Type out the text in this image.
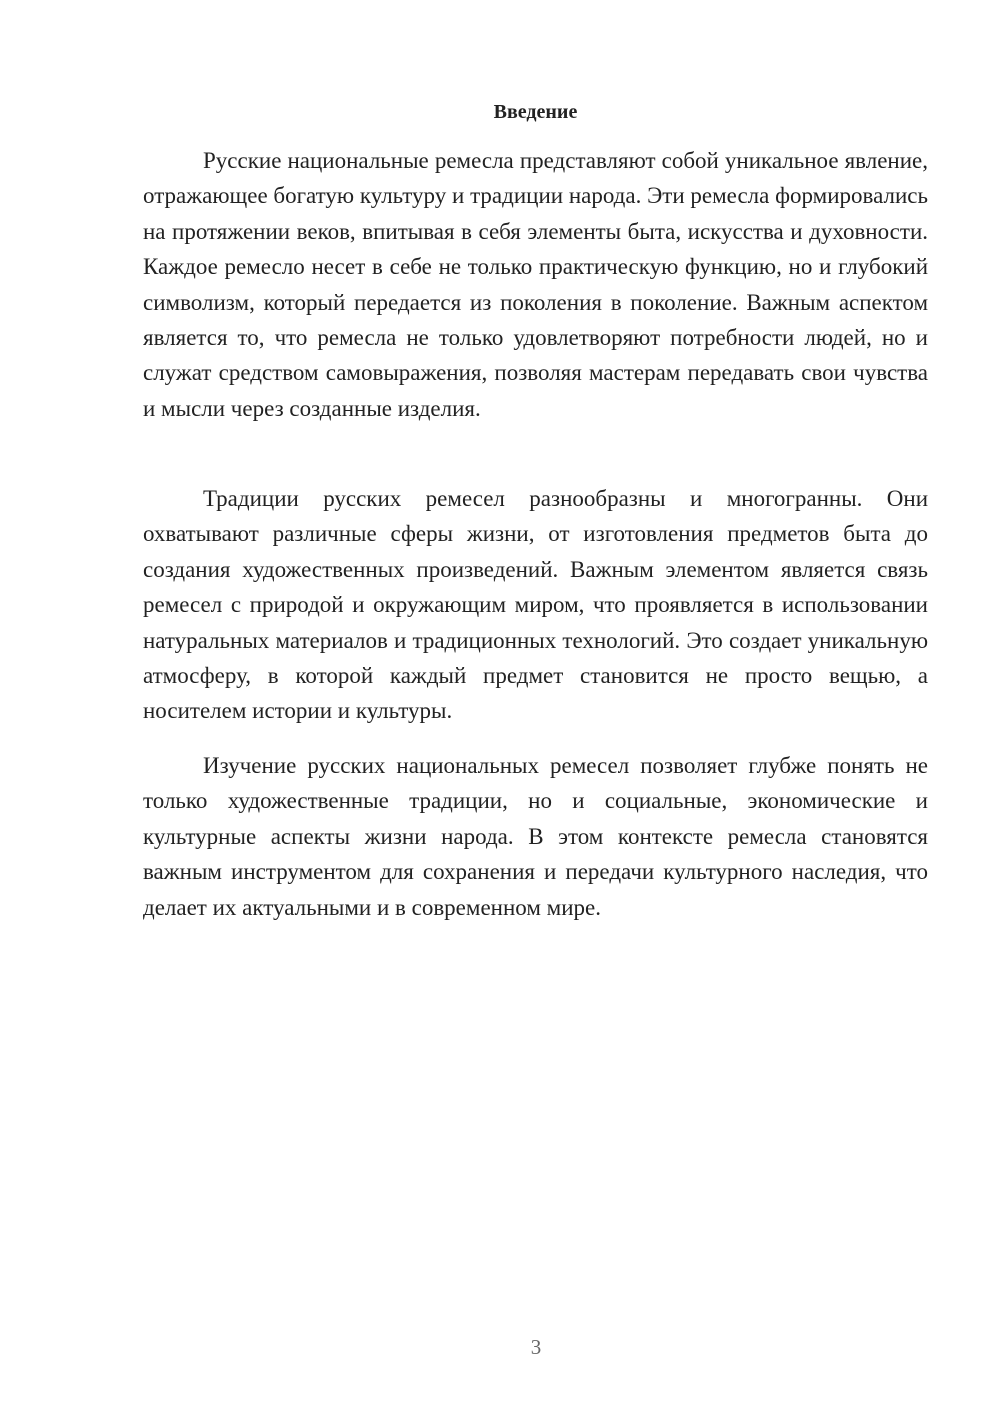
Введение

Русские национальные ремесла представляют собой уникальное явление, отражающее богатую культуру и традиции народа. Эти ремесла формировались на протяжении веков, впитывая в себя элементы быта, искусства и духовности. Каждое ремесло несет в себе не только практическую функцию, но и глубокий символизм, который передается из поколения в поколение. Важным аспектом является то, что ремесла не только удовлетворяют потребности людей, но и служат средством самовыражения, позволяя мастерам передавать свои чувства и мысли через созданные изделия.

Традиции русских ремесел разнообразны и многогранны. Они охватывают различные сферы жизни, от изготовления предметов быта до создания художественных произведений. Важным элементом является связь ремесел с природой и окружающим миром, что проявляется в использовании натуральных материалов и традиционных технологий. Это создает уникальную атмосферу, в которой каждый предмет становится не просто вещью, а носителем истории и культуры.

Изучение русских национальных ремесел позволяет глубже понять не только художественные традиции, но и социальные, экономические и культурные аспекты жизни народа. В этом контексте ремесла становятся важным инструментом для сохранения и передачи культурного наследия, что делает их актуальными и в современном мире.

3
